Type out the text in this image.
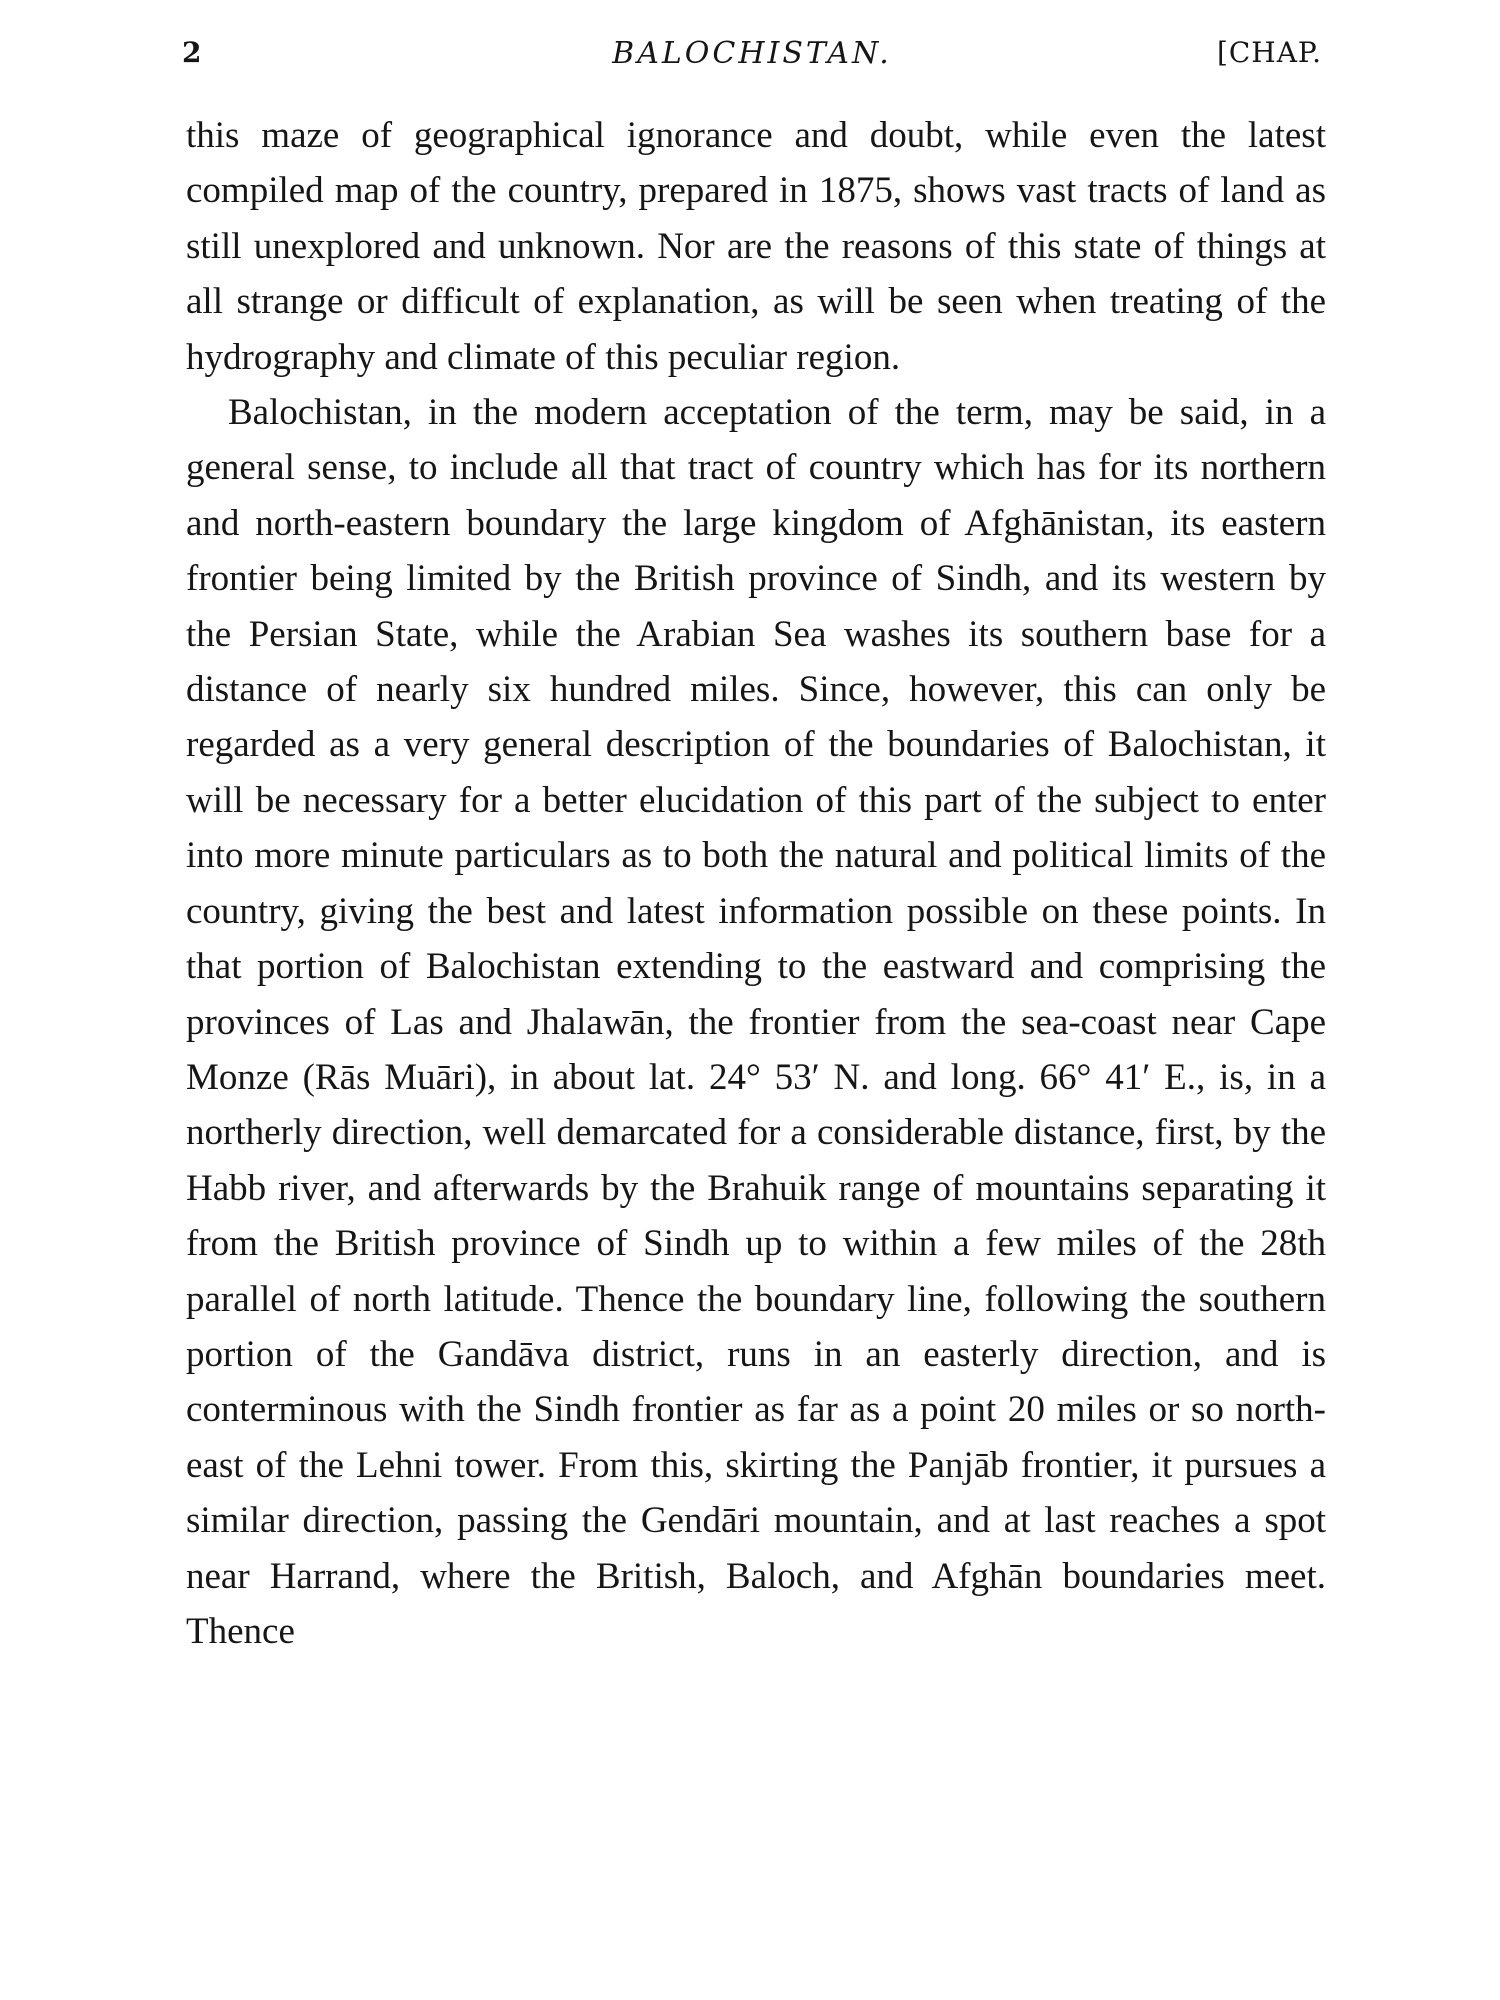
2	BALOCHISTAN.	[CHAP.

this maze of geographical ignorance and doubt, while even the latest compiled map of the country, prepared in 1875, shows vast tracts of land as still unexplored and unknown. Nor are the reasons of this state of things at all strange or difficult of explanation, as will be seen when treating of the hydrography and climate of this peculiar region.

Balochistan, in the modern acceptation of the term, may be said, in a general sense, to include all that tract of country which has for its northern and north-eastern boundary the large kingdom of Afghānistan, its eastern frontier being limited by the British province of Sindh, and its western by the Persian State, while the Arabian Sea washes its southern base for a distance of nearly six hundred miles. Since, however, this can only be regarded as a very general description of the boundaries of Balochistan, it will be necessary for a better elucidation of this part of the subject to enter into more minute particulars as to both the natural and political limits of the country, giving the best and latest information possible on these points. In that portion of Balochistan extending to the eastward and comprising the provinces of Las and Jhalawān, the frontier from the sea-coast near Cape Monze (Rās Muāri), in about lat. 24° 53′ N. and long. 66° 41′ E., is, in a northerly direction, well demarcated for a considerable distance, first, by the Habb river, and afterwards by the Brahuik range of mountains separating it from the British province of Sindh up to within a few miles of the 28th parallel of north latitude. Thence the boundary line, following the southern portion of the Gandāva district, runs in an easterly direction, and is conterminous with the Sindh frontier as far as a point 20 miles or so north-east of the Lehni tower. From this, skirting the Panjāb frontier, it pursues a similar direction, passing the Gendāri mountain, and at last reaches a spot near Harrand, where the British, Baloch, and Afghān boundaries meet. Thence
